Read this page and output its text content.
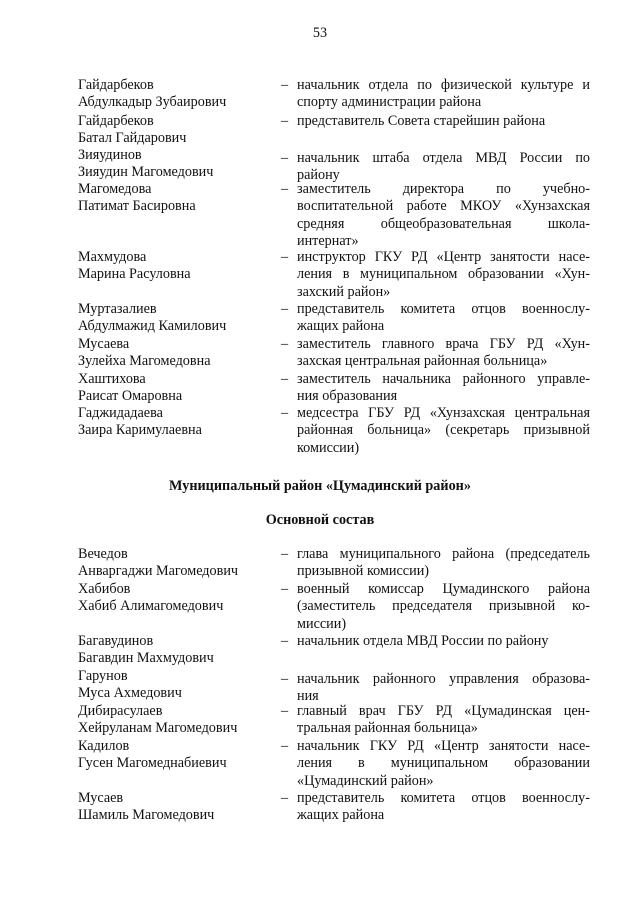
53
Гайдарбеков
Абдулкадыр Зубаирович
– начальник отдела по физической культуре и
спорту администрации района
Гайдарбеков
Батал Гайдарович
– представитель Совета старейшин района
Зияудинов
Зияудин Магомедович
– начальник штаба отдела МВД России по
району
Магомедова
Патимат Басировна
– заместитель директора по учебно-
воспитательной работе МКОУ «Хунзахская
средняя общеобразовательная школа-
интернат»
Махмудова
Марина Расуловна
– инструктор ГКУ РД «Центр занятости насе-
ления в муниципальном образовании «Хун-
захский район»
Муртазалиев
Абдулмажид Камилович
– представитель комитета отцов военнослу-
жащих района
Мусаева
Зулейха Магомедовна
– заместитель главного врача ГБУ РД «Хун-
захская центральная районная больница»
Хаштихова
Раисат Омаровна
– заместитель начальника районного управле-
ния образования
Гаджидадаева
Заира Каримулаевна
– медсестра ГБУ РД «Хунзахская центральная
районная больница» (секретарь призывной
комиссии)
Муниципальный район «Цумадинский район»
Основной состав
Вечедов
Анваргаджи Магомедович
– глава муниципального района (председатель
призывной комиссии)
Хабибов
Хабиб Алимагомедович
– военный комиссар Цумадинского района
(заместитель председателя призывной ко-
миссии)
Багавудинов
Багавдин Махмудович
– начальник отдела МВД России по району
Гарунов
Муса Ахмедович
– начальник районного управления образова-
ния
Дибирасулаев
Хейруланам Магомедович
– главный врач ГБУ РД «Цумадинская цен-
тральная районная больница»
Кадилов
Гусен Магомеднабиевич
– начальник ГКУ РД «Центр занятости насе-
ления в муниципальном образовании
«Цумадинский район»
Мусаев
Шамиль Магомедович
– представитель комитета отцов военнослу-
жащих района
